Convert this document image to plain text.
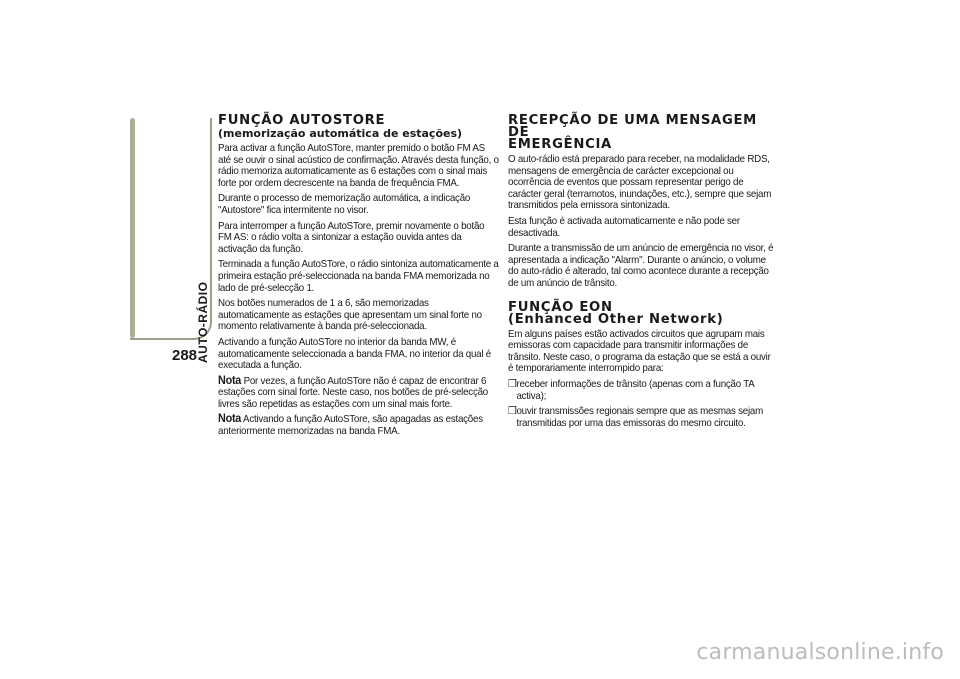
AUTO-RÁDIO
288
FUNÇÃO AUTOSTORE
(memorização automática de estações)

Para activar a função AutoSTore, manter premido o botão FM AS até se ouvir o sinal acústico de confirmação. Através desta função, o rádio memoriza automaticamente as 6 estações com o sinal mais forte por ordem decrescente na banda de frequência FMA.

Durante o processo de memorização automática, a indicação "Autostore" fica intermitente no visor.

Para interromper a função AutoSTore, premir novamente o botão FM AS: o rádio volta a sintonizar a estação ouvida antes da activação da função.

Terminada a função AutoSTore, o rádio sintoniza automaticamente a primeira estação pré-seleccionada na banda FMA memorizada no lado de pré-selecção 1.

Nos botões numerados de 1 a 6, são memorizadas automaticamente as estações que apresentam um sinal forte no momento relativamente à banda pré-seleccionada.

Activando a função AutoSTore no interior da banda MW, é automaticamente seleccionada a banda FMA, no interior da qual é executada a função.

Nota Por vezes, a função AutoSTore não é capaz de encontrar 6 estações com sinal forte. Neste caso, nos botões de pré-selecção livres são repetidas as estações com um sinal mais forte.

Nota Activando a função AutoSTore, são apagadas as estações anteriormente memorizadas na banda FMA.

RECEPÇÃO DE UMA MENSAGEM DE
EMERGÊNCIA

O auto-rádio está preparado para receber, na modalidade RDS, mensagens de emergência de carácter excepcional ou ocorrência de eventos que possam representar perigo de carácter geral (terramotos, inundações, etc.), sempre que sejam transmitidos pela emissora sintonizada.

Esta função é activada automaticamente e não pode ser desactivada.

Durante a transmissão de um anúncio de emergência no visor, é apresentada a indicação "Alarm". Durante o anúncio, o volume do auto-rádio é alterado, tal como acontece durante a recepção de um anúncio de trânsito.

FUNÇÃO EON
(Enhanced Other Network)

Em alguns países estão activados circuitos que agrupam mais emissoras com capacidade para transmitir informações de trânsito. Neste caso, o programa da estação que se está a ouvir é temporariamente interrompido para:

❒receber informações de trânsito (apenas com a função TA activa);

❒ouvir transmissões regionais sempre que as mesmas sejam transmitidas por uma das emissoras do mesmo circuito.

carmanualsonline.info
